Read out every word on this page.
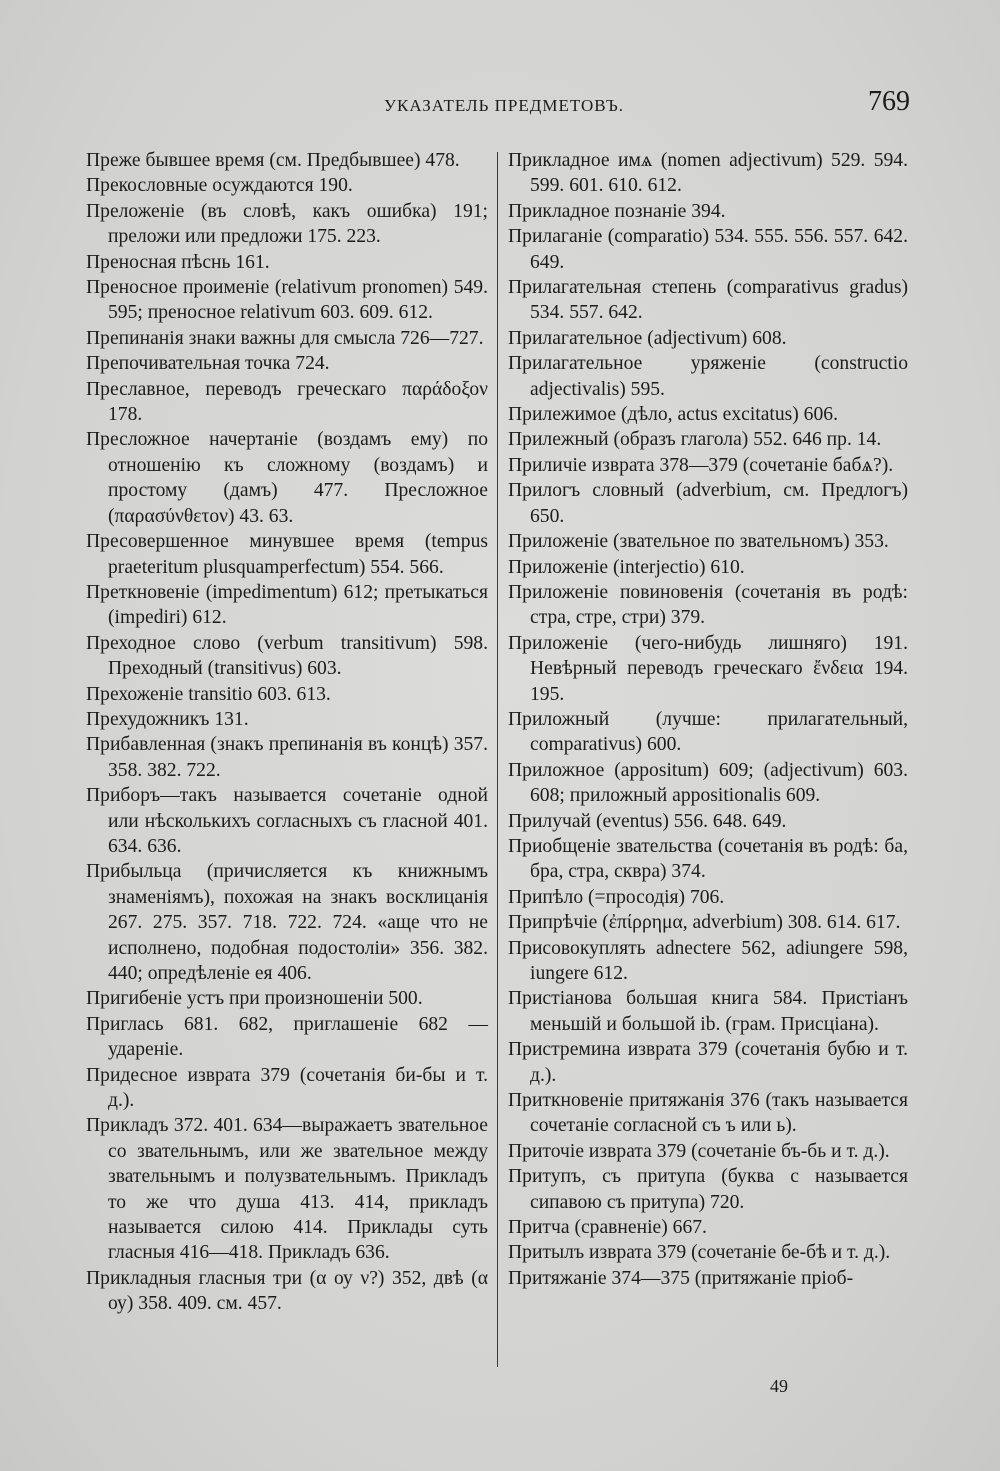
УКАЗАТЕЛЬ ПРЕДМЕТОВЪ.	769

Преже бывшее время (см. Предбывшее) 478.

Прекословные осуждаются 190.

Преложеніе (въ словѣ, какъ ошибка) 191; преложи или предложи 175. 223.

Преносная пѣснь 161.

Преносное проименіе (relativum pronomen) 549. 595; преносное relativum 603. 609. 612.

Препинанія знаки важны для смысла 726—727.

Препочивательная точка 724.

Преславное, переводъ греческаго παράδοξον 178.

Пресложное начертаніе (воздамъ ему) по отношенію къ сложному (воздамъ) и простому (дамъ) 477. Пресложное (παρασύνθετον) 43. 63.

Пресовершенное минувшее время (tempus praeteritum plusquamperfectum) 554. 566.

Преткновеніе (impedimentum) 612; претыкаться (impediri) 612.

Преходное слово (verbum transitivum) 598. Преходный (transitivus) 603.

Прехоженіе transitio 603. 613.

Прехудожникъ 131.

Прибавленная (знакъ препинанія въ концѣ) 357. 358. 382. 722.

Приборъ—такъ называется сочетаніе одной или нѣсколькихъ согласныхъ съ гласной 401. 634. 636.

Прибыльца (причисляется къ книжнымъ знаменіямъ), похожая на знакъ восклицанія 267. 275. 357. 718. 722. 724. «аще что не исполнено, подобная подостоліи» 356. 382. 440; опредѣленіе ея 406.

Пригибеніе устъ при произношеніи 500.

Приглась 681. 682, приглашеніе 682 — удареніе.

Придесное изврата 379 (сочетанія би-бы и т. д.).

Прикладъ 372. 401. 634—выражаетъ звательное со звательнымъ, или же звательное между звательнымъ и полузвательнымъ. Прикладъ то же что душа 413. 414, прикладъ называется силою 414. Приклады суть гласныя 416—418. Прикладъ 636.

Прикладныя гласныя три (α оу ν?) 352, двѣ (α оу) 358. 409. см. 457.

Прикладное имѧ (nomen adjectivum) 529. 594. 599. 601. 610. 612.

Прикладное познаніе 394.

Прилаганіе (comparatio) 534. 555. 556. 557. 642. 649.

Прилагательная степень (comparativus gradus) 534. 557. 642.

Прилагательное (adjectivum) 608.

Прилагательное уряженіе (constructio adjectivalis) 595.

Прилежимое (дѣло, actus excitatus) 606.

Прилежный (образъ глагола) 552. 646 пр. 14.

Приличіе изврата 378—379 (сочетаніе бабѧ?).

Прилогъ словный (adverbium, см. Предлогъ) 650.

Приложеніе (звательное по звательномъ) 353.

Приложеніе (interjectio) 610.

Приложеніе повиновенія (сочетанія въ родѣ: стра, стре, стри) 379.

Приложеніе (чего-нибудь лишняго) 191. Невѣрный переводъ греческаго ἔνδεια 194. 195.

Приложный (лучше: прилагательный, comparativus) 600.

Приложное (appositum) 609; (adjectivum) 603. 608; приложный appositionalis 609.

Прилучай (eventus) 556. 648. 649.

Приобщеніе звательства (сочетанія въ родѣ: ба, бра, стра, сквра) 374.

Припѣло (=просодія) 706.

Припрѣчіе (ἐπίρρημα, adverbium) 308. 614. 617.

Присовокуплять adnectere 562, adiungere 598, iungere 612.

Пристіанова большая книга 584. Пристіанъ меньшій и большой ib. (грам. Присціана).

Пристремина изврата 379 (сочетанія бубю и т. д.).

Приткновеніе притяжанія 376 (такъ называется сочетаніе согласной съ ъ или ь).

Приточіе изврата 379 (сочетаніе бъ-бь и т. д.).

Притупъ, съ притупа (буква с называется сипавою съ притупа) 720.

Притча (сравненіе) 667.

Притылъ изврата 379 (сочетаніе бе-бѣ и т. д.).

Притяжаніе 374—375 (притяжаніе пріоб-

49
